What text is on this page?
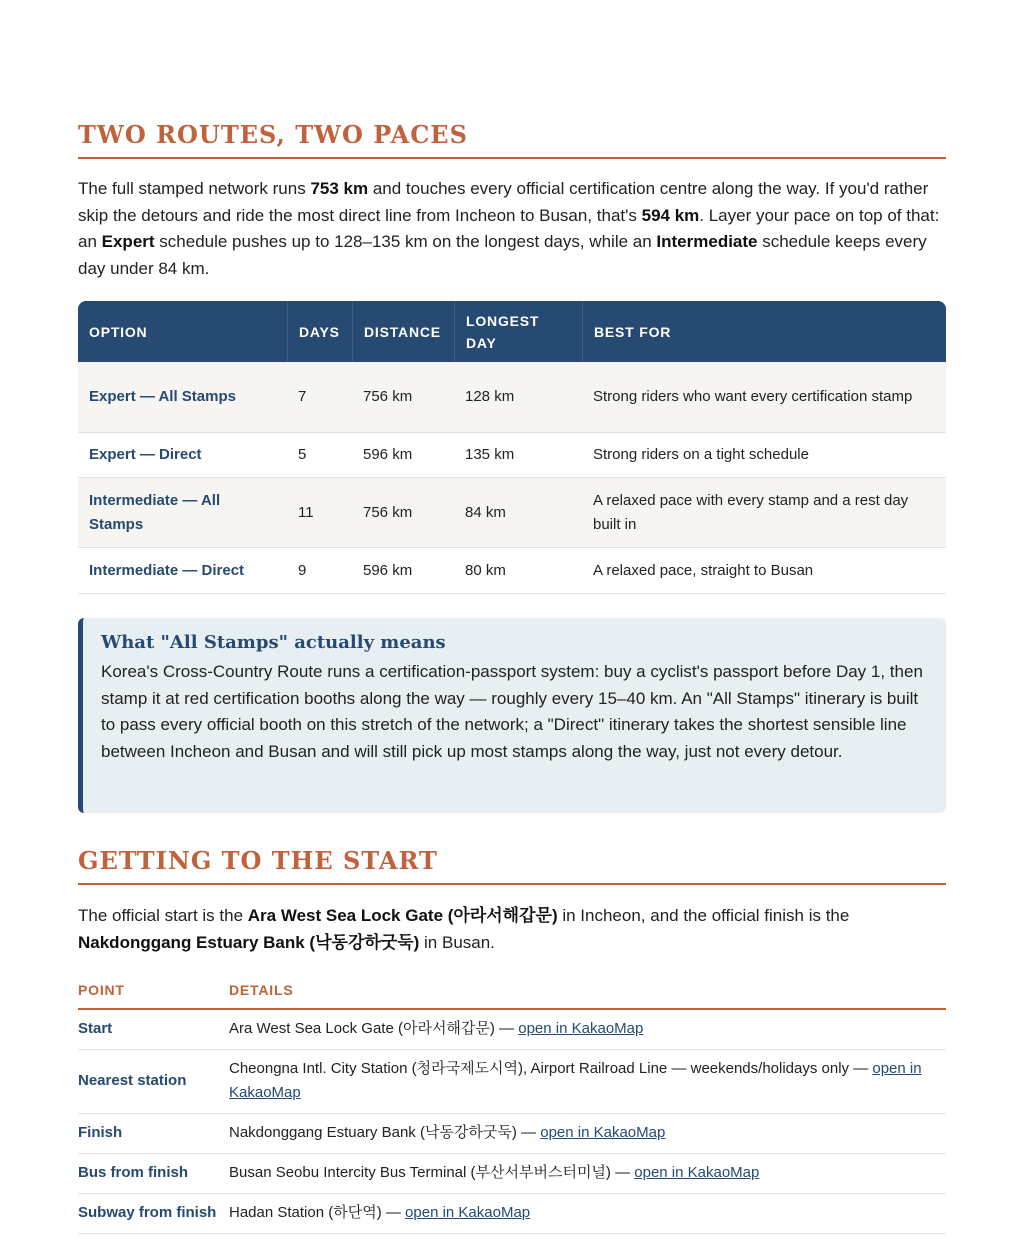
TWO ROUTES, TWO PACES

The full stamped network runs 753 km and touches every official certification centre along the way. If you'd rather skip the detours and ride the most direct line from Incheon to Busan, that's 594 km. Layer your pace on top of that: an Expert schedule pushes up to 128–135 km on the longest days, while an Intermediate schedule keeps every day under 84 km.

OPTION	DAYS	DISTANCE	LONGEST DAY	BEST FOR
Expert — All Stamps	7	756 km	128 km	Strong riders who want every certification stamp
Expert — Direct	5	596 km	135 km	Strong riders on a tight schedule
Intermediate — All Stamps	11	756 km	84 km	A relaxed pace with every stamp and a rest day built in
Intermediate — Direct	9	596 km	80 km	A relaxed pace, straight to Busan
What "All Stamps" actually means

Korea's Cross-Country Route runs a certification-passport system: buy a cyclist's passport before Day 1, then stamp it at red certification booths along the way — roughly every 15–40 km. An "All Stamps" itinerary is built to pass every official booth on this stretch of the network; a "Direct" itinerary takes the shortest sensible line between Incheon and Busan and will still pick up most stamps along the way, just not every detour.

GETTING TO THE START

The official start is the Ara West Sea Lock Gate (아라서해갑문) in Incheon, and the official finish is the Nakdonggang Estuary Bank (낙동강하굿둑) in Busan.

POINT	DETAILS
Start	Ara West Sea Lock Gate (아라서해갑문) — open in KakaoMap
Nearest station	Cheongna Intl. City Station (청라국제도시역), Airport Railroad Line — weekends/holidays only — open in KakaoMap
Finish	Nakdonggang Estuary Bank (낙동강하굿둑) — open in KakaoMap
Bus from finish	Busan Seobu Intercity Bus Terminal (부산서부버스터미널) — open in KakaoMap
Subway from finish	Hadan Station (하단역) — open in KakaoMap
